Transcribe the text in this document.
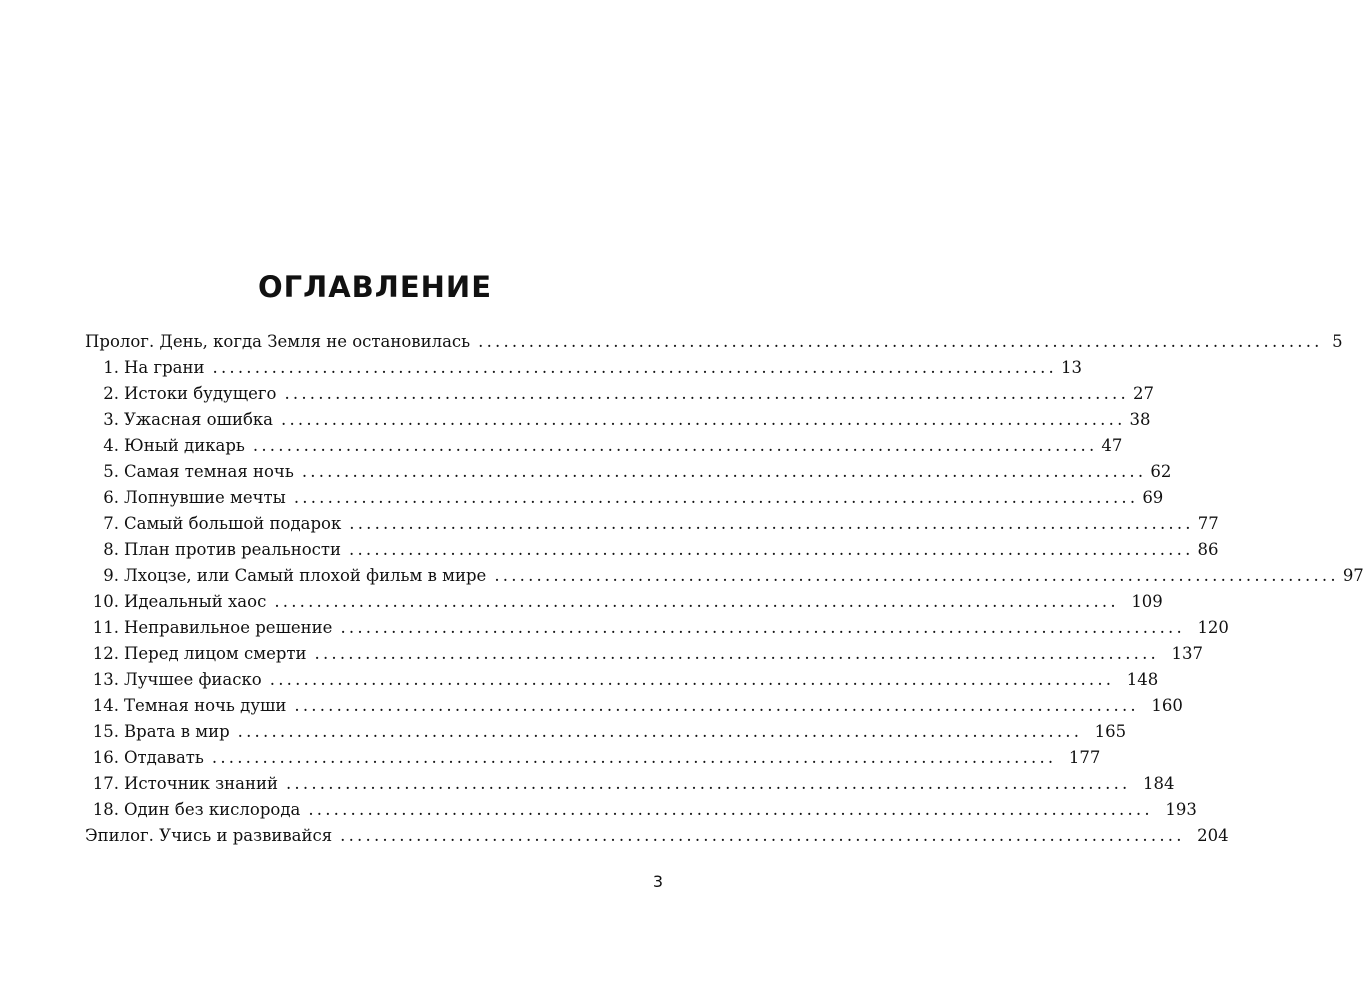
ОГЛАВЛЕНИЕ
Пролог. День, когда Земля не остановилась .................................................................................................... 5
1. На грани .................................................................................................... 13
2. Истоки будущего .................................................................................................... 27
3. Ужасная ошибка .................................................................................................... 38
4. Юный дикарь .................................................................................................... 47
5. Самая темная ночь .................................................................................................... 62
6. Лопнувшие мечты .................................................................................................... 69
7. Самый большой подарок .................................................................................................... 77
8. План против реальности .................................................................................................... 86
9. Лхоцзе, или Самый плохой фильм в мире .................................................................................................... 97
10. Идеальный хаос .................................................................................................... 109
11. Неправильное решение .................................................................................................... 120
12. Перед лицом смерти .................................................................................................... 137
13. Лучшее фиаско .................................................................................................... 148
14. Темная ночь души .................................................................................................... 160
15. Врата в мир .................................................................................................... 165
16. Отдавать .................................................................................................... 177
17. Источник знаний .................................................................................................... 184
18. Один без кислорода .................................................................................................... 193
Эпилог. Учись и развивайся .................................................................................................... 204
3
